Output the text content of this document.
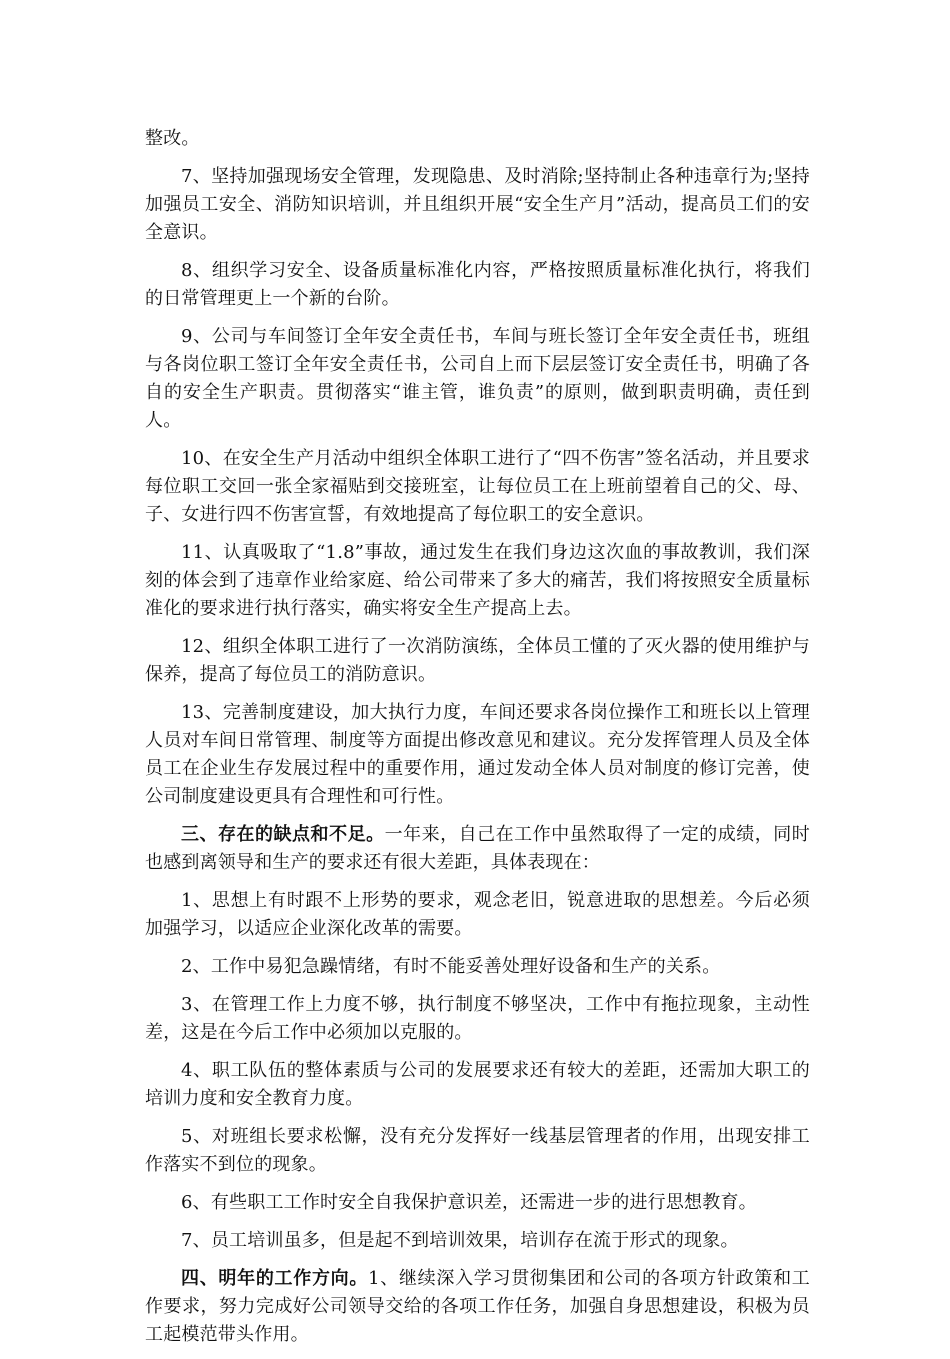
整改。

7、坚持加强现场安全管理，发现隐患、及时消除;坚持制止各种违章行为;坚持加强员工安全、消防知识培训，并且组织开展“安全生产月”活动，提高员工们的安全意识。

8、组织学习安全、设备质量标准化内容，严格按照质量标准化执行，将我们的日常管理更上一个新的台阶。

9、公司与车间签订全年安全责任书，车间与班长签订全年安全责任书，班组与各岗位职工签订全年安全责任书，公司自上而下层层签订安全责任书，明确了各自的安全生产职责。贯彻落实“谁主管，谁负责”的原则，做到职责明确，责任到人。

10、在安全生产月活动中组织全体职工进行了“四不伤害”签名活动，并且要求每位职工交回一张全家福贴到交接班室，让每位员工在上班前望着自己的父、母、子、女进行四不伤害宣誓，有效地提高了每位职工的安全意识。

11、认真吸取了“1.8”事故，通过发生在我们身边这次血的事故教训，我们深刻的体会到了违章作业给家庭、给公司带来了多大的痛苦，我们将按照安全质量标准化的要求进行执行落实，确实将安全生产提高上去。

12、组织全体职工进行了一次消防演练，全体员工懂的了灭火器的使用维护与保养，提高了每位员工的消防意识。

13、完善制度建设，加大执行力度，车间还要求各岗位操作工和班长以上管理人员对车间日常管理、制度等方面提出修改意见和建议。充分发挥管理人员及全体员工在企业生存发展过程中的重要作用，通过发动全体人员对制度的修订完善，使公司制度建设更具有合理性和可行性。

三、存在的缺点和不足。一年来，自己在工作中虽然取得了一定的成绩，同时也感到离领导和生产的要求还有很大差距，具体表现在：

1、思想上有时跟不上形势的要求，观念老旧，锐意进取的思想差。今后必须加强学习，以适应企业深化改革的需要。

2、工作中易犯急躁情绪，有时不能妥善处理好设备和生产的关系。

3、在管理工作上力度不够，执行制度不够坚决，工作中有拖拉现象，主动性差，这是在今后工作中必须加以克服的。

4、职工队伍的整体素质与公司的发展要求还有较大的差距，还需加大职工的培训力度和安全教育力度。

5、对班组长要求松懈，没有充分发挥好一线基层管理者的作用，出现安排工作落实不到位的现象。

6、有些职工工作时安全自我保护意识差，还需进一步的进行思想教育。

7、员工培训虽多，但是起不到培训效果，培训存在流于形式的现象。

四、明年的工作方向。1、继续深入学习贯彻集团和公司的各项方针政策和工作要求，努力完成好公司领导交给的各项工作任务，加强自身思想建设，积极为员工起模范带头作用。
